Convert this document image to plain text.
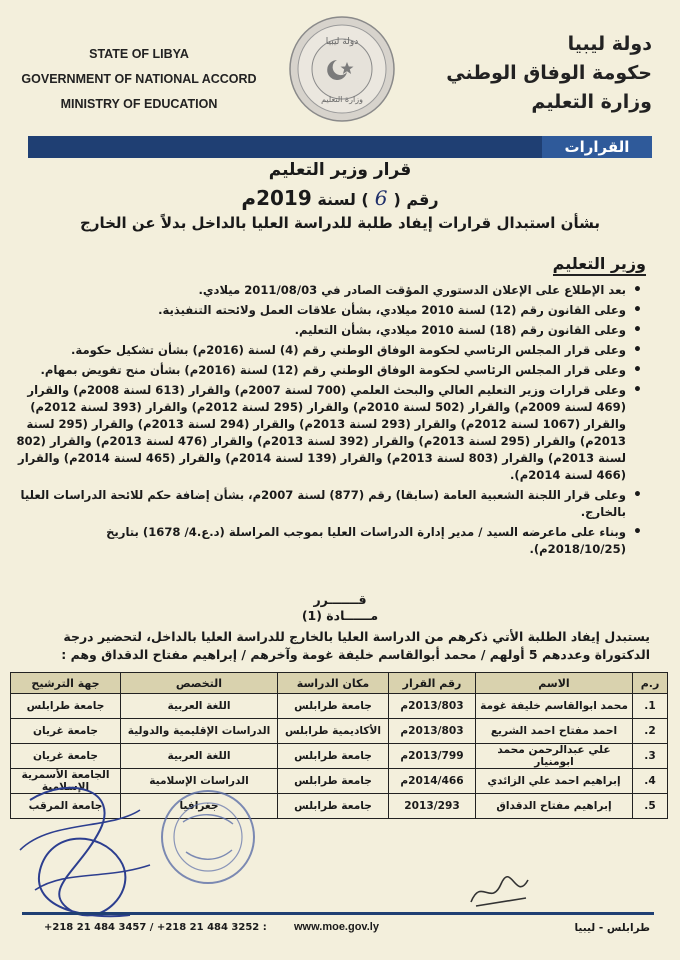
STATE OF LIBYA
GOVERNMENT OF NATIONAL ACCORD
MINISTRY OF EDUCATION
دولة ليبيا
وزارة التعليم
دولة ليبيا
حكومة الوفاق الوطني
وزارة التعليم
القرارات
قرار وزير التعليم
رقم (6) لسنة 2019م
بشأن استبدال قرارات إيفاد طلبة للدراسة العليا بالداخل بدلاً عن الخارج
وزير التعليم
• بعد الإطلاع على الإعلان الدستوري المؤقت الصادر في 2011/08/03 ميلادي.
• وعلى القانون رقم (12) لسنة 2010 ميلادي، بشأن علاقات العمل ولائحته التنفيذية.
• وعلى القانون رقم (18) لسنة 2010 ميلادي، بشأن التعليم.
• وعلى قرار المجلس الرئاسي لحكومة الوفاق الوطني رقم (4) لسنة (2016م) بشأن تشكيل حكومة.
• وعلى قرار المجلس الرئاسي لحكومة الوفاق الوطني رقم (12) لسنة (2016م) بشأن منح تفويض بمهام.
• وعلى قرارات وزير التعليم العالي والبحث العلمي (700 لسنة 2007م) والقرار (613 لسنة 2008م) والقرار (469 لسنة 2009م) والقرار (502 لسنة 2010م) والقرار (295 لسنة 2012م) والقرار (393 لسنة 2012م) والقرار (1067 لسنة 2012م) والقرار (293 لسنة 2013م) والقرار (294 لسنة 2013م) والقرار (295 لسنة 2013م) والقرار (295 لسنة 2013م) والقرار (392 لسنة 2013م) والقرار (476 لسنة 2013م) والقرار (802 لسنة 2013م) والقرار (803 لسنة 2013م) والقرار (139 لسنة 2014م) والقرار (465 لسنة 2014م) والقرار (466 لسنة 2014م).
• وعلى قرار اللجنة الشعبية العامة (سابقا) رقم (877) لسنة 2007م، بشأن إضافة حكم للائحة الدراسات العليا بالخارج.
• وبناء على ماعرضه السيد / مدير إدارة الدراسات العليا بموجب المراسلة (د.ع.4/ 1678) بتاريخ (2018/10/25م).
قـــــــرر
مــــــادة (1)
يستبدل إيفاد الطلبة الأتي ذكرهم من الدراسة العليا بالخارج للدراسة العليا بالداخل، لتحضير درجة الدكتوراة وعددهم 5 أولهم / محمد أبوالقاسم خليفة غومة وآخرهم / إبراهيم مفتاح الدقداق وهم :
ر.م	الاسم	رقم القرار	مكان الدراسة	التخصص	جهة الترشيح
1.	محمد ابوالقاسم خليفة غومة	2013/803م	جامعة طرابلس	اللغة العربية	جامعة طرابلس
2.	احمد مفتاح احمد الشريع	2013/803م	الأكاديمية طرابلس	الدراسات الإقليمية والدولية	جامعة غريان
3.	علي عبدالرحمن محمد ابومنيار	2013/799م	جامعة طرابلس	اللغة العربية	جامعة غريان
4.	إبراهيم احمد علي الزائدي	2014/466م	جامعة طرابلس	الدراسات الإسلامية	الجامعة الأسمرية الإسلامية
5.	إبراهيم مفتاح الدقداق	2013/293	جامعة طرابلس	جغرافيا	جامعة المرقب
+218 21 484 3457 / +218 21 484 3252 : www.moe.gov.ly	طرابلس - ليبيا
